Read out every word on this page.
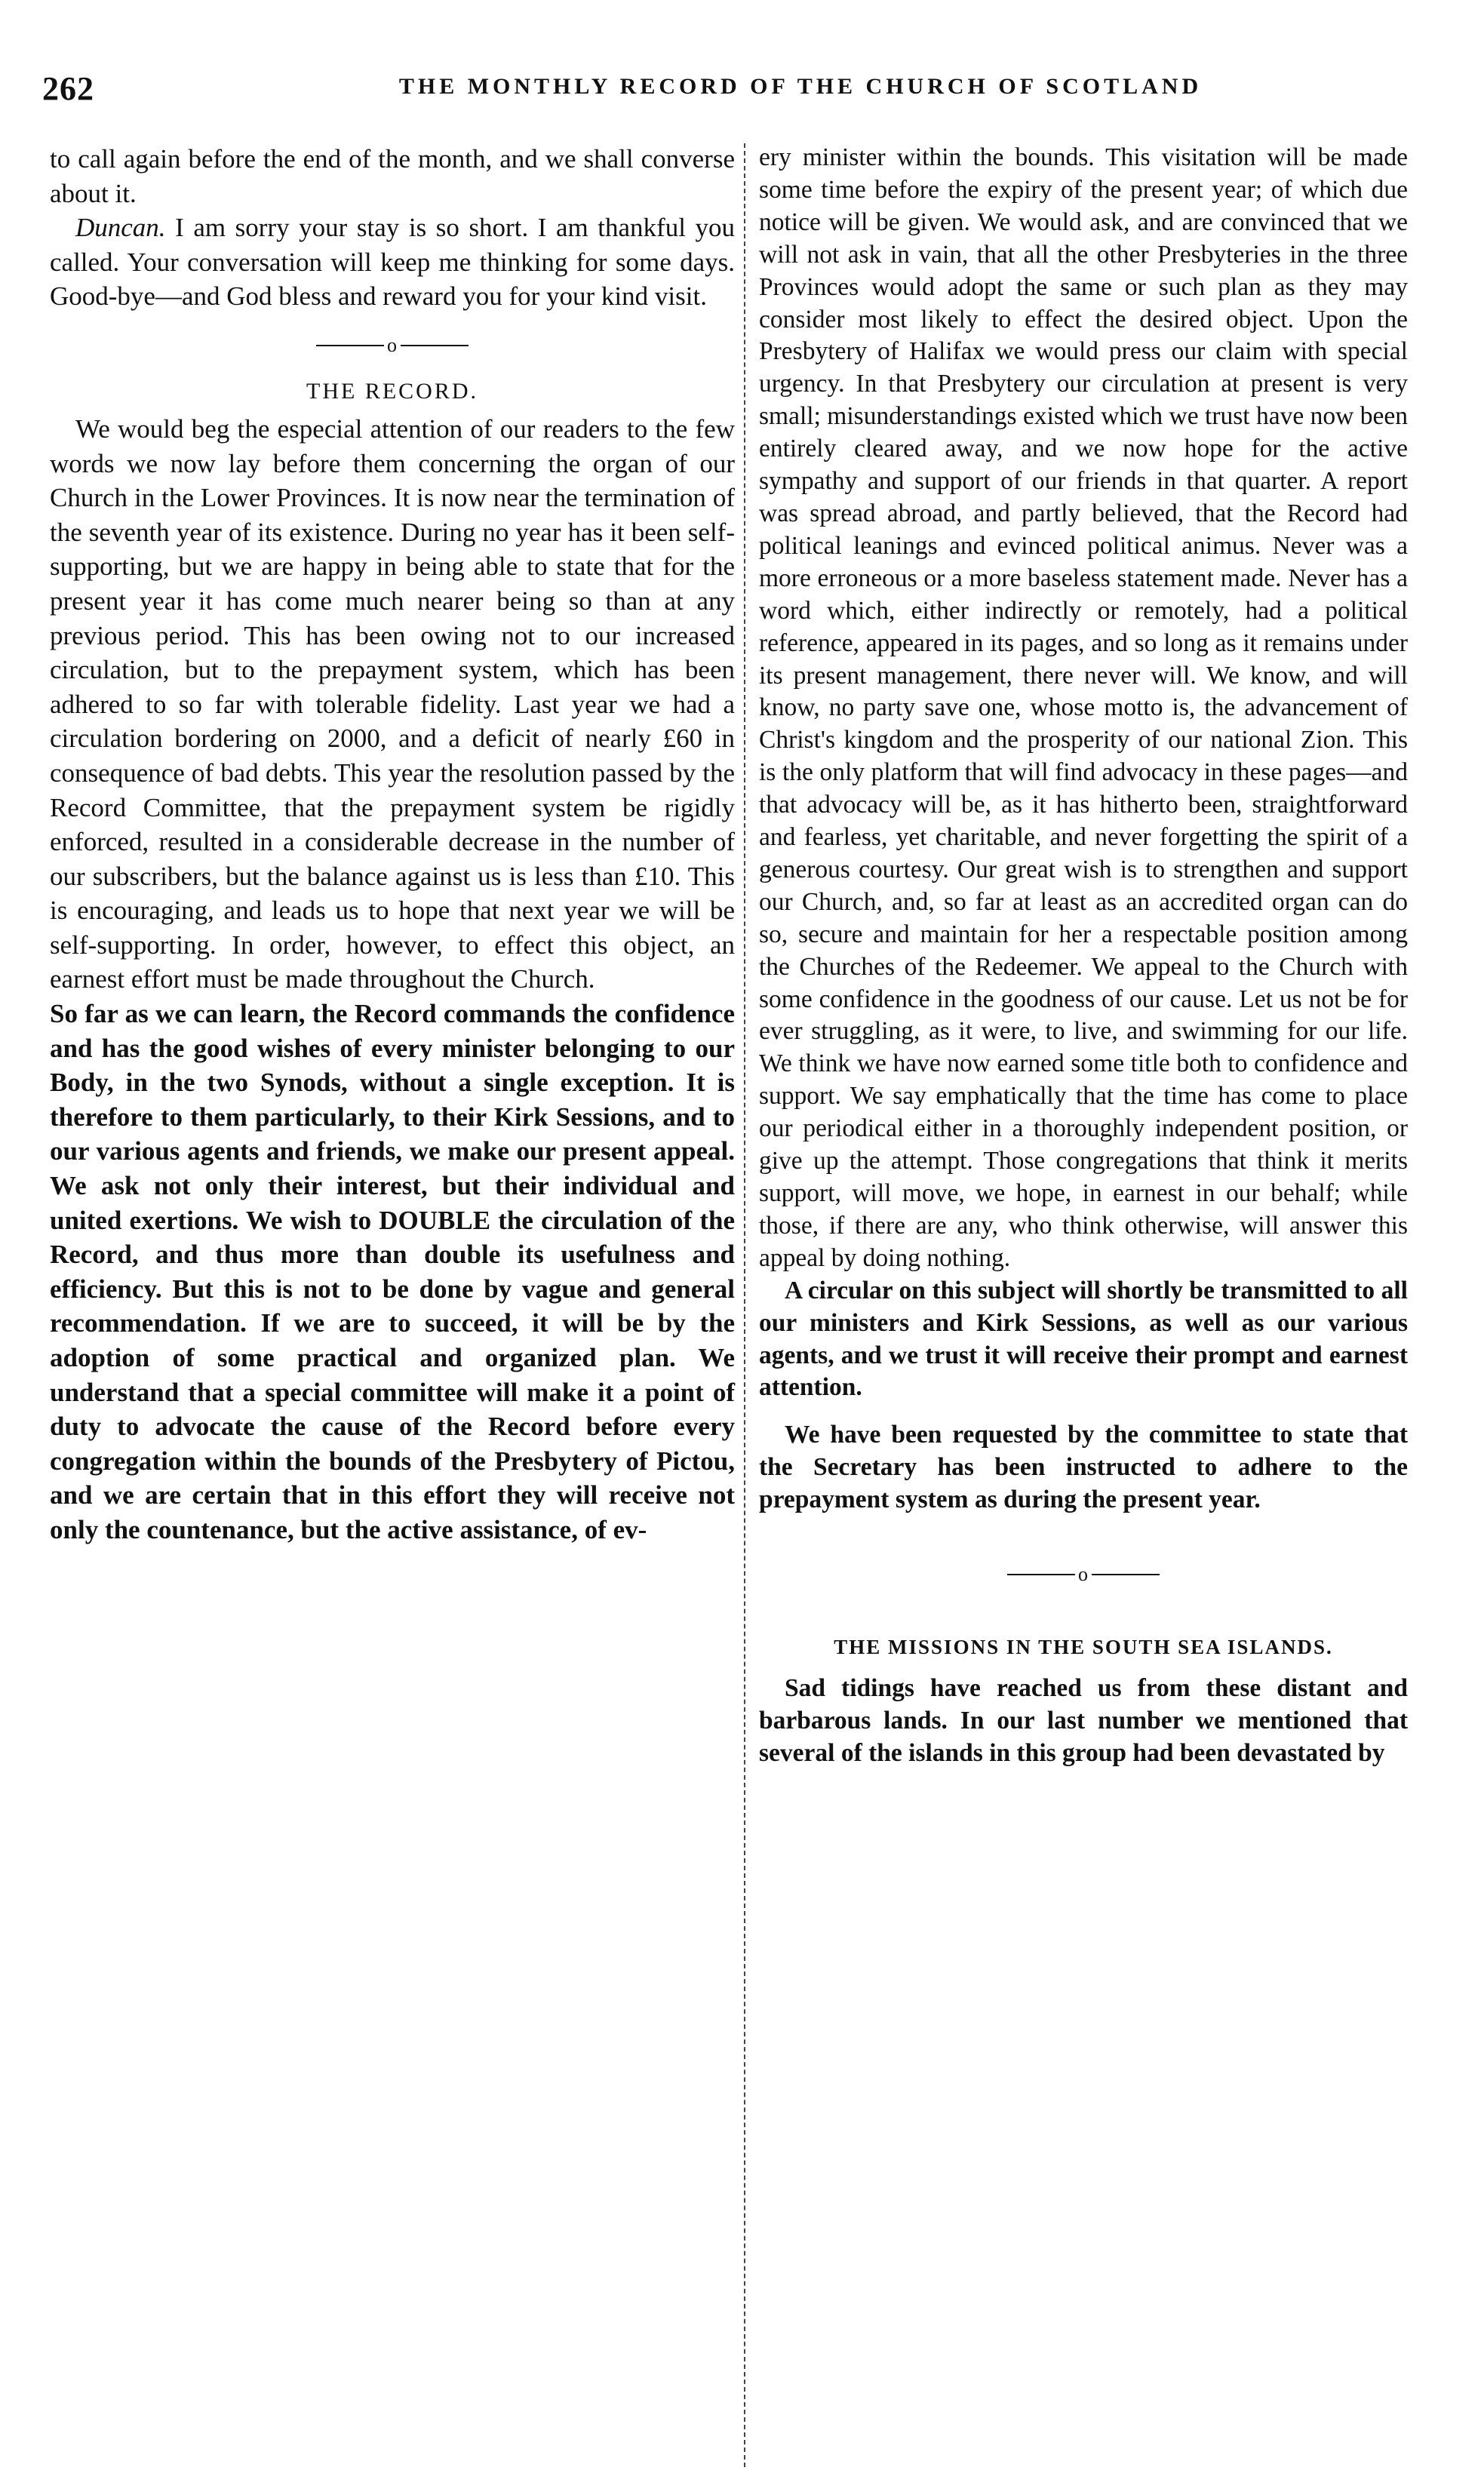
262	THE MONTHLY RECORD OF THE CHURCH OF SCOTLAND

to call again before the end of the month, and we shall converse about it.

Duncan. I am sorry your stay is so short. I am thankful you called. Your conversation will keep me thinking for some days. Good-bye—and God bless and reward you for your kind visit.

o
THE RECORD.

We would beg the especial attention of our readers to the few words we now lay before them concerning the organ of our Church in the Lower Provinces. It is now near the termination of the seventh year of its existence. During no year has it been self-supporting, but we are happy in being able to state that for the present year it has come much nearer being so than at any previous period. This has been owing not to our increased circulation, but to the prepayment system, which has been adhered to so far with tolerable fidelity. Last year we had a circulation bordering on 2000, and a deficit of nearly £60 in consequence of bad debts. This year the resolution passed by the Record Committee, that the prepayment system be rigidly enforced, resulted in a considerable decrease in the number of our subscribers, but the balance against us is less than £10. This is encouraging, and leads us to hope that next year we will be self-supporting. In order, however, to effect this object, an earnest effort must be made throughout the Church.

So far as we can learn, the Record commands the confidence and has the good wishes of every minister belonging to our Body, in the two Synods, without a single exception. It is therefore to them particularly, to their Kirk Sessions, and to our various agents and friends, we make our present appeal. We ask not only their interest, but their individual and united exertions. We wish to DOUBLE the circulation of the Record, and thus more than double its usefulness and efficiency. But this is not to be done by vague and general recommendation. If we are to succeed, it will be by the adoption of some practical and organized plan. We understand that a special committee will make it a point of duty to advocate the cause of the Record before every congregation within the bounds of the Presbytery of Pictou, and we are certain that in this effort they will receive not only the countenance, but the active assistance, of ev-

ery minister within the bounds. This visitation will be made some time before the expiry of the present year; of which due notice will be given. We would ask, and are convinced that we will not ask in vain, that all the other Presbyteries in the three Provinces would adopt the same or such plan as they may consider most likely to effect the desired object. Upon the Presbytery of Halifax we would press our claim with special urgency. In that Presbytery our circulation at present is very small; misunderstandings existed which we trust have now been entirely cleared away, and we now hope for the active sympathy and support of our friends in that quarter. A report was spread abroad, and partly believed, that the Record had political leanings and evinced political animus. Never was a more erroneous or a more baseless statement made. Never has a word which, either indirectly or remotely, had a political reference, appeared in its pages, and so long as it remains under its present management, there never will. We know, and will know, no party save one, whose motto is, the advancement of Christ's kingdom and the prosperity of our national Zion. This is the only platform that will find advocacy in these pages—and that advocacy will be, as it has hitherto been, straightforward and fearless, yet charitable, and never forgetting the spirit of a generous courtesy. Our great wish is to strengthen and support our Church, and, so far at least as an accredited organ can do so, secure and maintain for her a respectable position among the Churches of the Redeemer. We appeal to the Church with some confidence in the goodness of our cause. Let us not be for ever struggling, as it were, to live, and swimming for our life. We think we have now earned some title both to confidence and support. We say emphatically that the time has come to place our periodical either in a thoroughly independent position, or give up the attempt. Those congregations that think it merits support, will move, we hope, in earnest in our behalf; while those, if there are any, who think otherwise, will answer this appeal by doing nothing.

A circular on this subject will shortly be transmitted to all our ministers and Kirk Sessions, as well as our various agents, and we trust it will receive their prompt and earnest attention.

We have been requested by the committee to state that the Secretary has been instructed to adhere to the prepayment system as during the present year.

o
THE MISSIONS IN THE SOUTH SEA ISLANDS.

Sad tidings have reached us from these distant and barbarous lands. In our last number we mentioned that several of the islands in this group had been devastated by
